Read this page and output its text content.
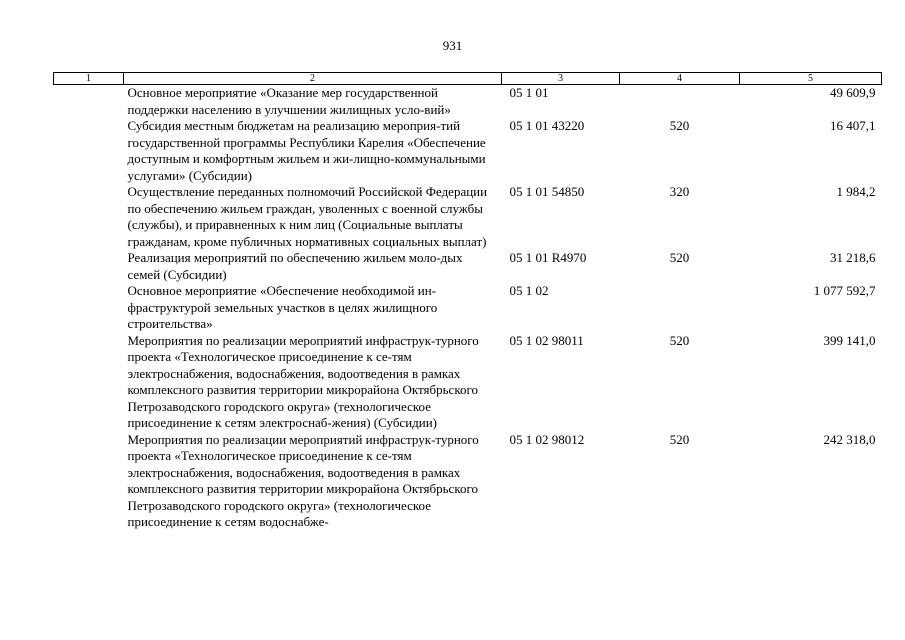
931
1	2	3	4	5
	Основное мероприятие «Оказание мер государственной поддержки населению в улучшении жилищных усло-вий»	05 1 01		49 609,9
	Субсидия местным бюджетам на реализацию мероприя-тий государственной программы Республики Карелия «Обеспечение доступным и комфортным жильем и жи-лищно-коммунальными услугами» (Субсидии)	05 1 01 43220	520	16 407,1
	Осуществление переданных полномочий Российской Федерации по обеспечению жильем граждан, уволенных с военной службы (службы), и приравненных к ним лиц (Социальные выплаты гражданам, кроме публичных нормативных социальных выплат)	05 1 01 54850	320	1 984,2
	Реализация мероприятий по обеспечению жильем моло-дых семей (Субсидии)	05 1 01 R4970	520	31 218,6
	Основное мероприятие «Обеспечение необходимой ин-фраструктурой земельных участков в целях жилищного строительства»	05 1 02		1 077 592,7
	Мероприятия по реализации мероприятий инфраструк-турного проекта «Технологическое присоединение к се-тям электроснабжения, водоснабжения, водоотведения в рамках комплексного развития территории микрорайона Октябрьского Петрозаводского городского округа» (технологическое присоединение к сетям электроснаб-жения) (Субсидии)	05 1 02 98011	520	399 141,0
	Мероприятия по реализации мероприятий инфраструк-турного проекта «Технологическое присоединение к се-тям электроснабжения, водоснабжения, водоотведения в рамках комплексного развития территории микрорайона Октябрьского Петрозаводского городского округа» (технологическое присоединение к сетям водоснабже-	05 1 02 98012	520	242 318,0
